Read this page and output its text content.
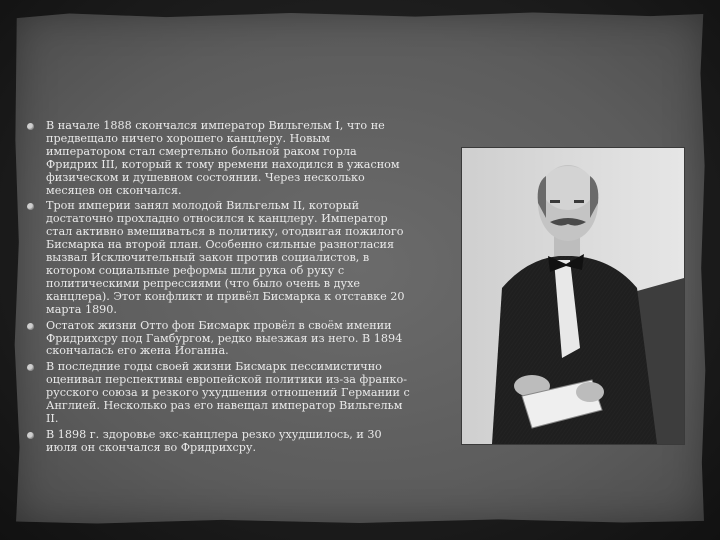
В начале 1888 скончался император Вильгельм I, что не предвещало ничего хорошего канцлеру. Новым императором стал смертельно больной раком горла Фридрих III, который к тому времени находился в ужасном физическом и душевном состоянии. Через несколько месяцев он скончался.
Трон империи занял молодой Вильгельм II, который достаточно прохладно относился к канцлеру. Император стал активно вмешиваться в политику, отодвигая пожилого Бисмарка на второй план. Особенно сильные разногласия вызвал Исключительный закон против социалистов, в котором социальные реформы шли рука об руку с политическими репрессиями (что было очень в духе канцлера). Этот конфликт и привёл Бисмарка к отставке 20 марта 1890.
Остаток жизни Отто фон Бисмарк провёл в своём имении Фридрихсру под Гамбургом, редко выезжая из него. В 1894 скончалась его жена Иоганна.
В последние годы своей жизни Бисмарк пессимистично оценивал перспективы европейской политики из-за франко-русского союза и резкого ухудшения отношений Германии с Англией. Несколько раз его навещал император Вильгельм II.
В 1898 г. здоровье экс-канцлера резко ухудшилось, и 30 июля он скончался во Фридрихсру.
